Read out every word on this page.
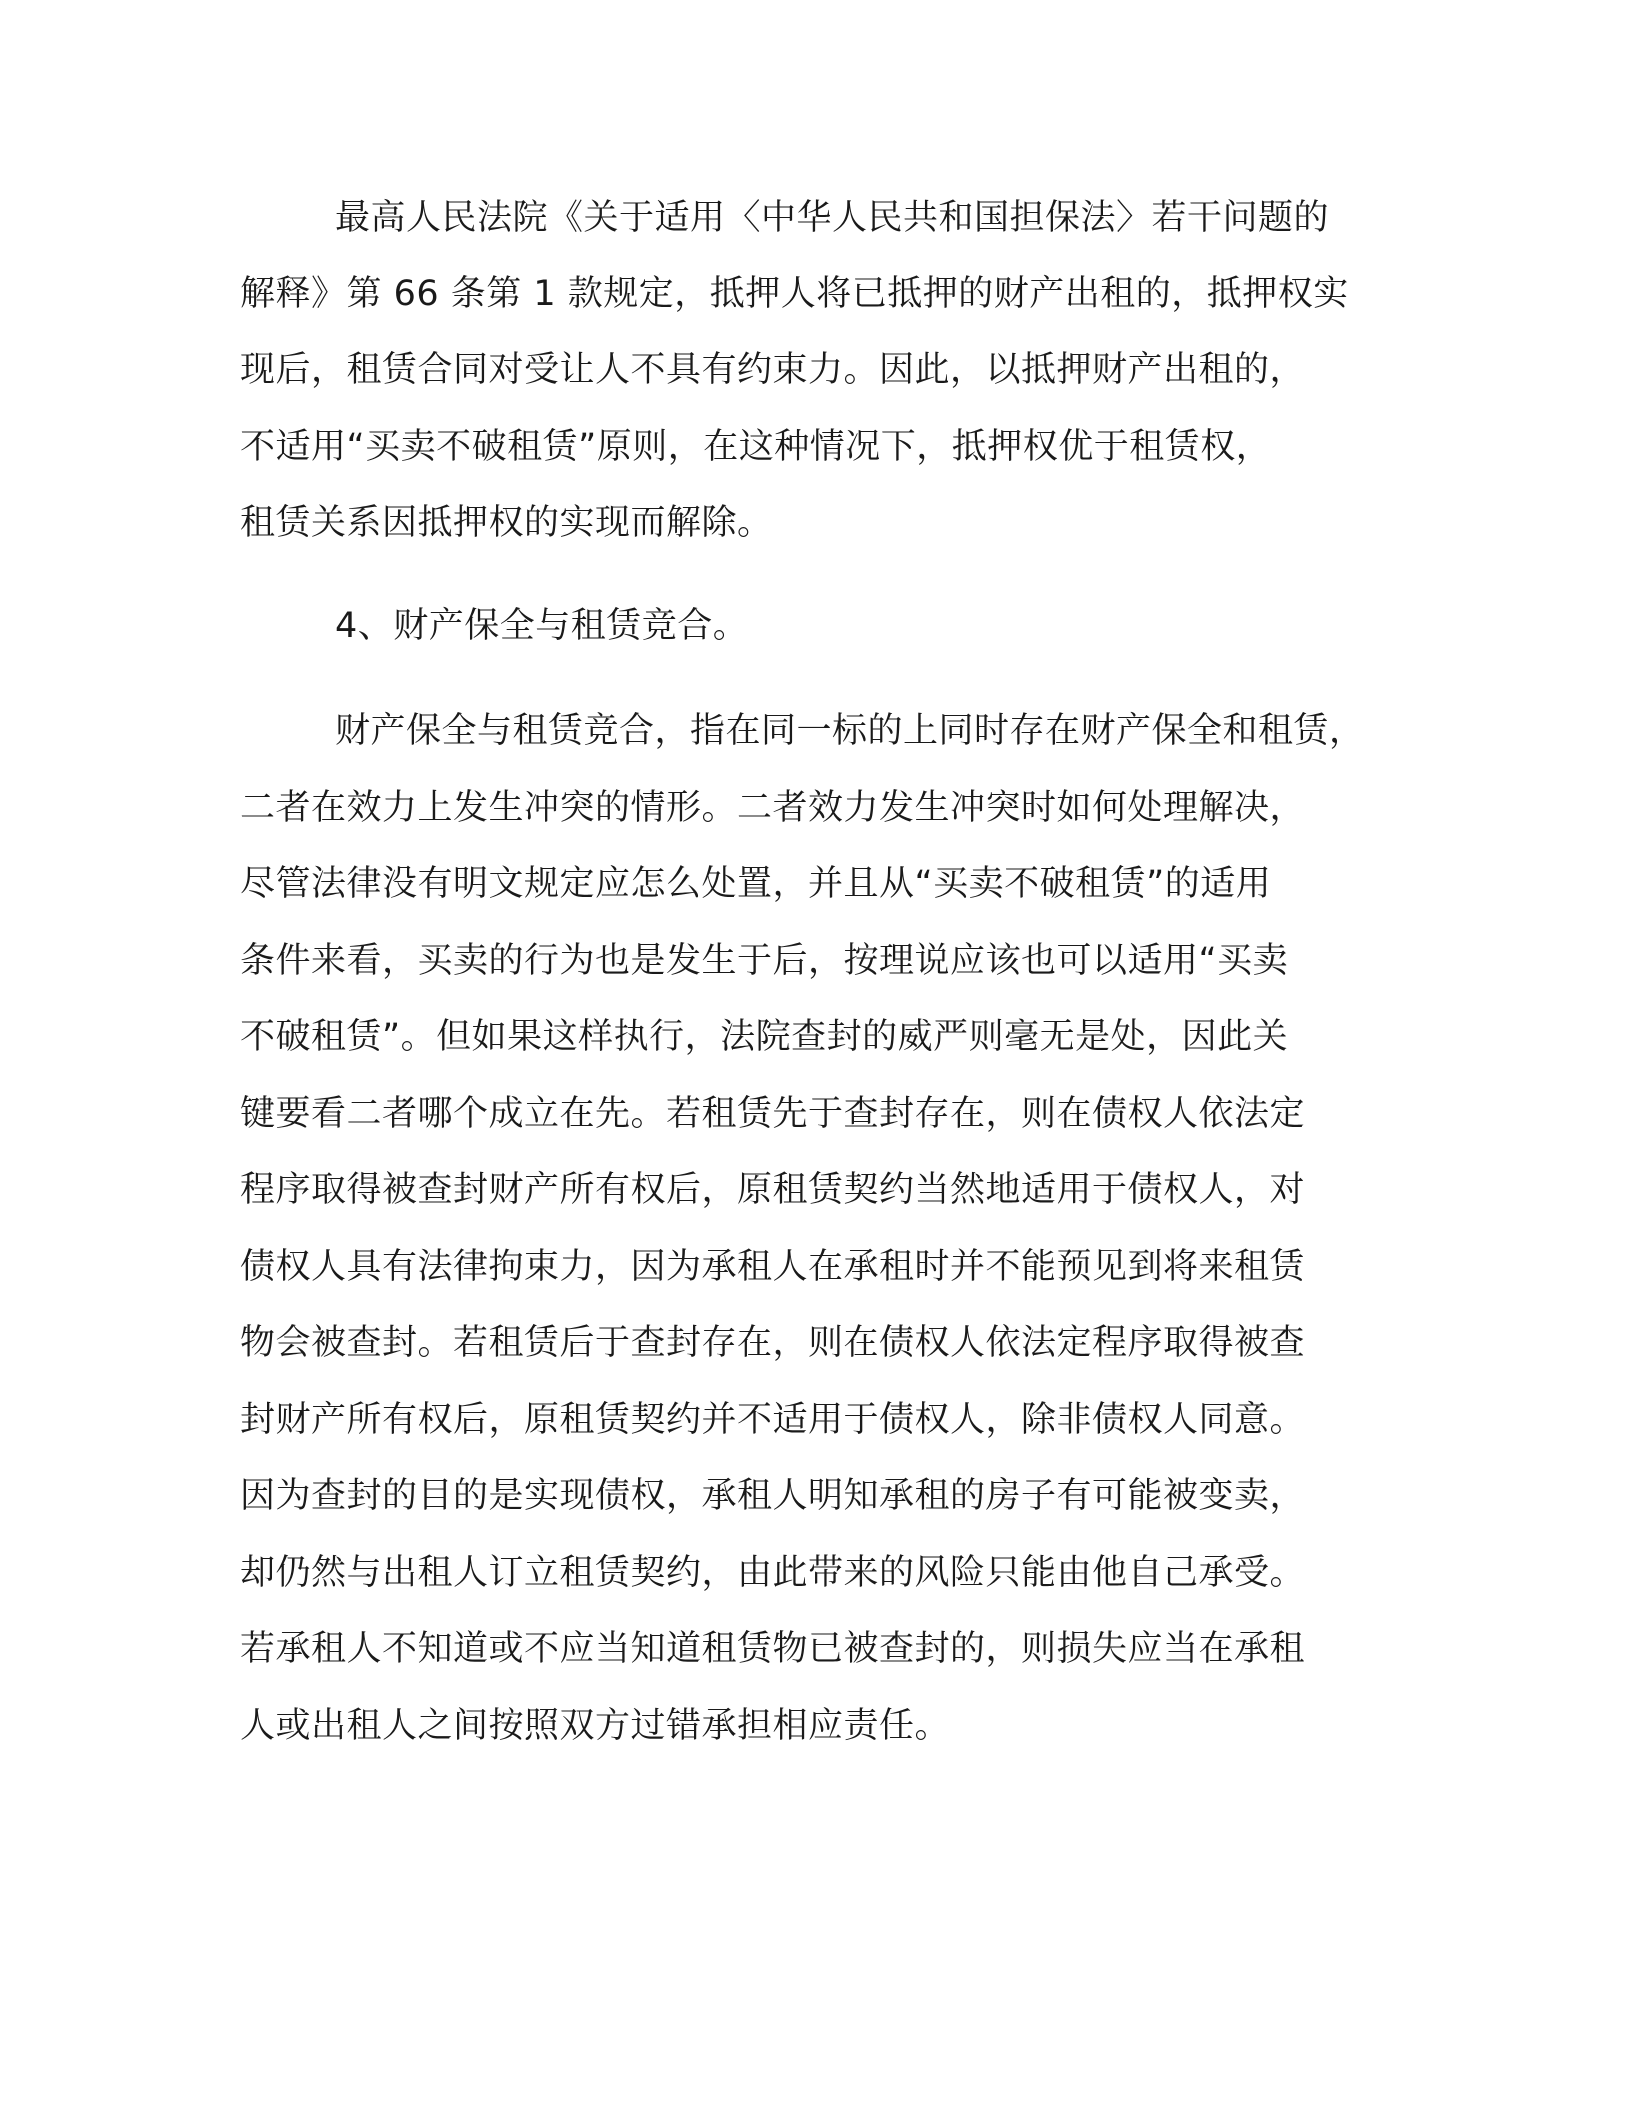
最高人民法院《关于适用〈中华人民共和国担保法〉若干问题的
解释》第 66 条第 1 款规定，抵押人将已抵押的财产出租的，抵押权实
现后，租赁合同对受让人不具有约束力。因此，以抵押财产出租的，
不适用“买卖不破租赁”原则，在这种情况下，抵押权优于租赁权，
租赁关系因抵押权的实现而解除。
4、财产保全与租赁竞合。
财产保全与租赁竞合，指在同一标的上同时存在财产保全和租赁，
二者在效力上发生冲突的情形。二者效力发生冲突时如何处理解决，
尽管法律没有明文规定应怎么处置，并且从“买卖不破租赁”的适用
条件来看，买卖的行为也是发生于后，按理说应该也可以适用“买卖
不破租赁”。但如果这样执行，法院查封的威严则毫无是处，因此关
键要看二者哪个成立在先。若租赁先于查封存在，则在债权人依法定
程序取得被查封财产所有权后，原租赁契约当然地适用于债权人，对
债权人具有法律拘束力，因为承租人在承租时并不能预见到将来租赁
物会被查封。若租赁后于查封存在，则在债权人依法定程序取得被查
封财产所有权后，原租赁契约并不适用于债权人，除非债权人同意。
因为查封的目的是实现债权，承租人明知承租的房子有可能被变卖，
却仍然与出租人订立租赁契约，由此带来的风险只能由他自己承受。
若承租人不知道或不应当知道租赁物已被查封的，则损失应当在承租
人或出租人之间按照双方过错承担相应责任。
